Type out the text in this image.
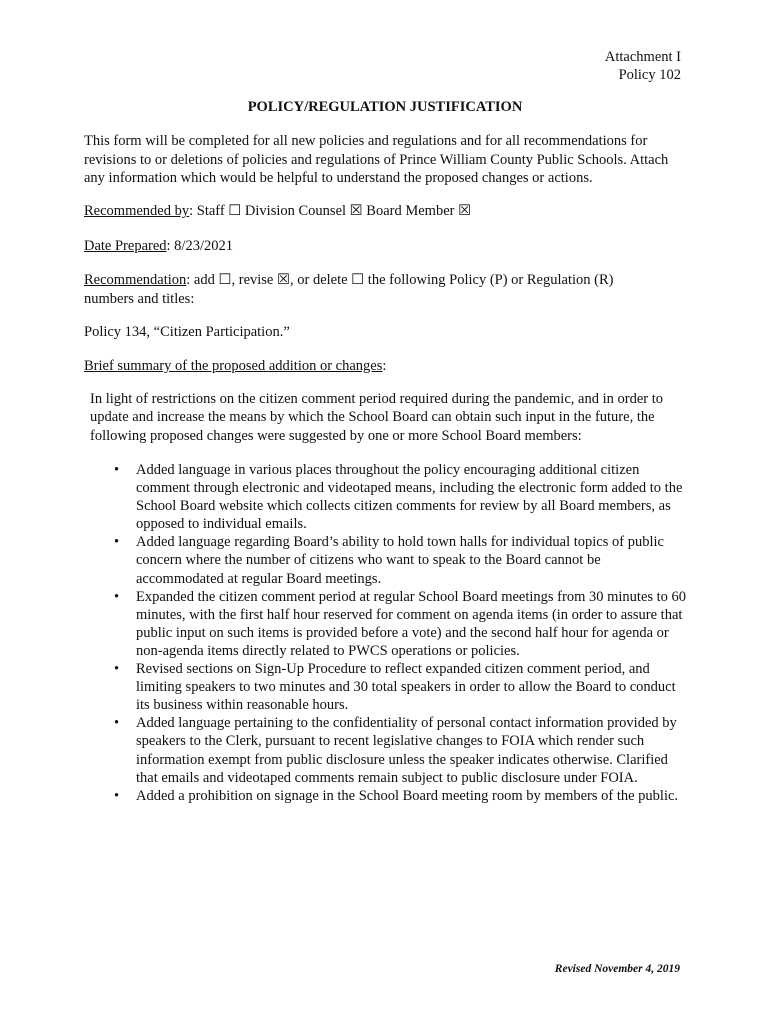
Attachment I
Policy 102
POLICY/REGULATION JUSTIFICATION
This form will be completed for all new policies and regulations and for all recommendations for revisions to or deletions of policies and regulations of Prince William County Public Schools. Attach any information which would be helpful to understand the proposed changes or actions.
Recommended by: Staff ☐ Division Counsel ☒ Board Member ☒
Date Prepared: 8/23/2021
Recommendation: add ☐, revise ☒, or delete ☐ the following Policy (P) or Regulation (R) numbers and titles:
Policy 134, “Citizen Participation.”
Brief summary of the proposed addition or changes:
In light of restrictions on the citizen comment period required during the pandemic, and in order to update and increase the means by which the School Board can obtain such input in the future, the following proposed changes were suggested by one or more School Board members:
• Added language in various places throughout the policy encouraging additional citizen comment through electronic and videotaped means, including the electronic form added to the School Board website which collects citizen comments for review by all Board members, as opposed to individual emails.
• Added language regarding Board’s ability to hold town halls for individual topics of public concern where the number of citizens who want to speak to the Board cannot be accommodated at regular Board meetings.
• Expanded the citizen comment period at regular School Board meetings from 30 minutes to 60 minutes, with the first half hour reserved for comment on agenda items (in order to assure that public input on such items is provided before a vote) and the second half hour for agenda or non-agenda items directly related to PWCS operations or policies.
• Revised sections on Sign-Up Procedure to reflect expanded citizen comment period, and limiting speakers to two minutes and 30 total speakers in order to allow the Board to conduct its business within reasonable hours.
• Added language pertaining to the confidentiality of personal contact information provided by speakers to the Clerk, pursuant to recent legislative changes to FOIA which render such information exempt from public disclosure unless the speaker indicates otherwise. Clarified that emails and videotaped comments remain subject to public disclosure under FOIA.
• Added a prohibition on signage in the School Board meeting room by members of the public.
Revised November 4, 2019
